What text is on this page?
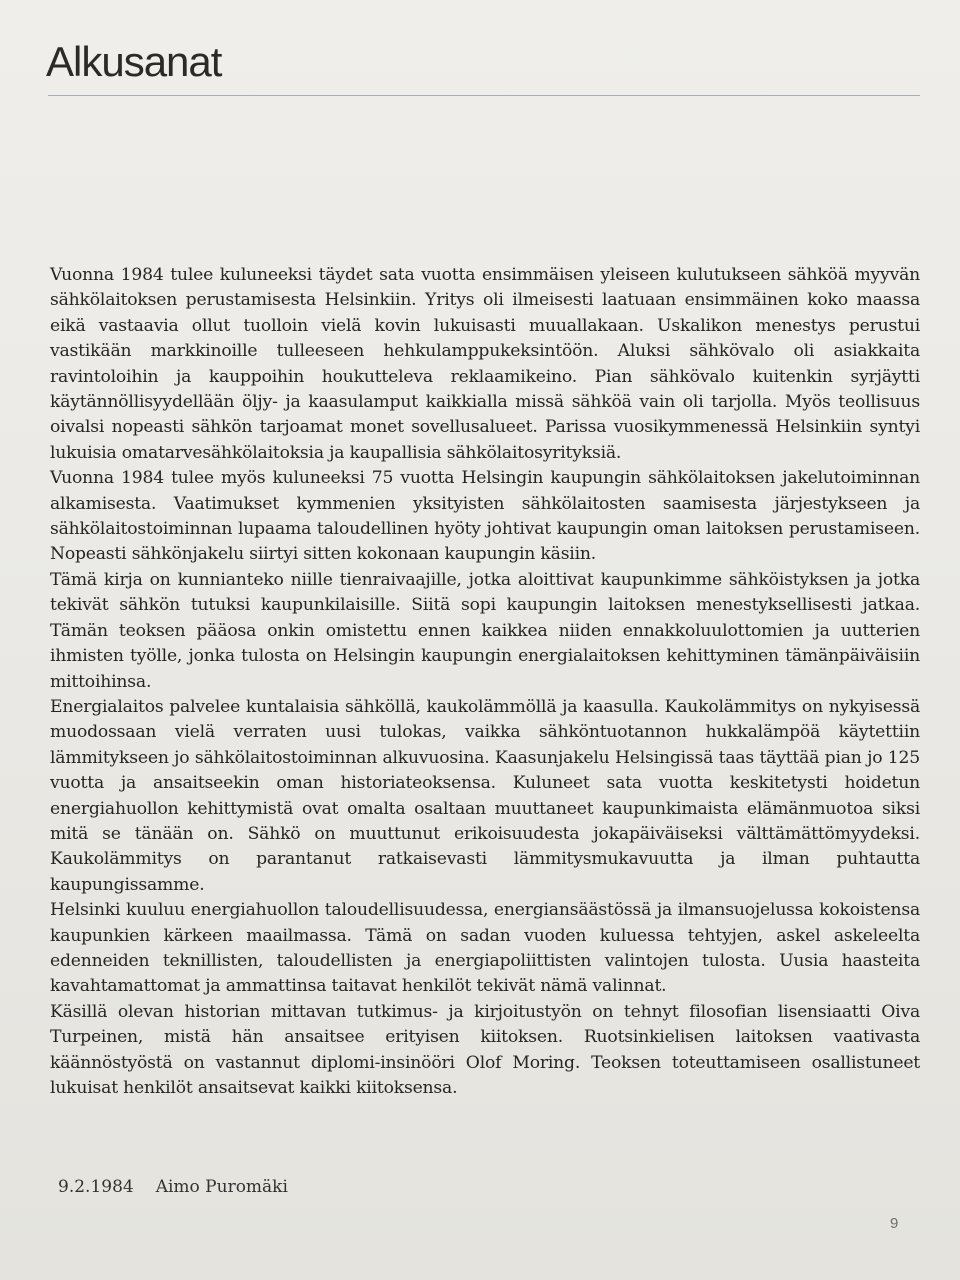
Alkusanat

Vuonna 1984 tulee kuluneeksi täydet sata vuotta ensimmäisen yleiseen kulutukseen sähköä myyvän sähkölaitoksen perustamisesta Helsinkiin. Yritys oli ilmeisesti laatuaan ensimmäinen koko maassa eikä vastaavia ollut tuolloin vielä kovin lukuisasti muuallakaan. Uskalikon menestys perustui vastikään markkinoille tulleeseen hehkulamppukeksintöön. Aluksi sähkövalo oli asiakkaita ravintoloihin ja kauppoihin houkutteleva reklaamikeino. Pian sähkövalo kuitenkin syrjäytti käytännöllisyydellään öljy- ja kaasulamput kaikkialla missä sähköä vain oli tarjolla. Myös teollisuus oivalsi nopeasti sähkön tarjoamat monet sovellusalueet. Parissa vuosikymmenessä Helsinkiin syntyi lukuisia omatarvesähkölaitoksia ja kaupallisia sähkölaitosyrityksiä.

Vuonna 1984 tulee myös kuluneeksi 75 vuotta Helsingin kaupungin sähkölaitoksen jakelutoiminnan alkamisesta. Vaatimukset kymmenien yksityisten sähkölaitosten saamisesta järjestykseen ja sähkölaitostoiminnan lupaama taloudellinen hyöty johtivat kaupungin oman laitoksen perustamiseen. Nopeasti sähkönjakelu siirtyi sitten kokonaan kaupungin käsiin.

Tämä kirja on kunnianteko niille tienraivaajille, jotka aloittivat kaupunkimme sähköistyksen ja jotka tekivät sähkön tutuksi kaupunkilaisille. Siitä sopi kaupungin laitoksen menestyksellisesti jatkaa. Tämän teoksen pääosa onkin omistettu ennen kaikkea niiden ennakkoluulottomien ja uutterien ihmisten työlle, jonka tulosta on Helsingin kaupungin energialaitoksen kehittyminen tämänpäiväisiin mittoihinsa.

Energialaitos palvelee kuntalaisia sähköllä, kaukolämmöllä ja kaasulla. Kaukolämmitys on nykyisessä muodossaan vielä verraten uusi tulokas, vaikka sähköntuotannon hukkalämpöä käytettiin lämmitykseen jo sähkölaitostoiminnan alkuvuosina. Kaasunjakelu Helsingissä taas täyttää pian jo 125 vuotta ja ansaitseekin oman historiateoksensa. Kuluneet sata vuotta keskitetysti hoidetun energiahuollon kehittymistä ovat omalta osaltaan muuttaneet kaupunkimaista elämänmuotoa siksi mitä se tänään on. Sähkö on muuttunut erikoisuudesta jokapäiväiseksi välttämättömyydeksi. Kaukolämmitys on parantanut ratkaisevasti lämmitysmukavuutta ja ilman puhtautta kaupungissamme.

Helsinki kuuluu energiahuollon taloudellisuudessa, energiansäästössä ja ilmansuojelussa kokoistensa kaupunkien kärkeen maailmassa. Tämä on sadan vuoden kuluessa tehtyjen, askel askeleelta edenneiden teknillisten, taloudellisten ja energiapoliittisten valintojen tulosta. Uusia haasteita kavahtamattomat ja ammattinsa taitavat henkilöt tekivät nämä valinnat.

Käsillä olevan historian mittavan tutkimus- ja kirjoitustyön on tehnyt filosofian lisensiaatti Oiva Turpeinen, mistä hän ansaitsee erityisen kiitoksen. Ruotsinkielisen laitoksen vaativasta käännöstyöstä on vastannut diplomi-insinööri Olof Moring. Teoksen toteuttamiseen osallistuneet lukuisat henkilöt ansaitsevat kaikki kiitoksensa.

9.2.1984 Aimo Puromäki
9
